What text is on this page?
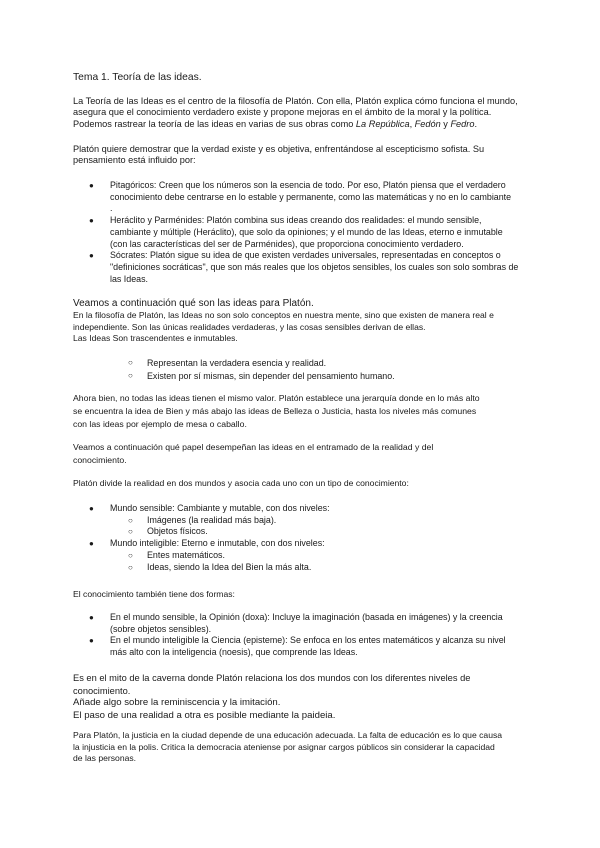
Tema 1. Teoría de las ideas.

La Teoría de las Ideas es el centro de la filosofía de Platón. Con ella, Platón explica cómo funciona el mundo,
asegura que el conocimiento verdadero existe y propone mejoras en el ámbito de la moral y la política.
Podemos rastrear la teoría de las ideas en varias de sus obras como La República, Fedón y Fedro.

Platón quiere demostrar que la verdad existe y es objetiva, enfrentándose al escepticismo sofista. Su
pensamiento está influido por:

● Pitagóricos: Creen que los números son la esencia de todo. Por eso, Platón piensa que el verdadero
conocimiento debe centrarse en lo estable y permanente, como las matemáticas y no en lo cambiante
.
● Heráclito y Parménides: Platón combina sus ideas creando dos realidades: el mundo sensible,
cambiante y múltiple (Heráclito), que solo da opiniones; y el mundo de las Ideas, eterno e inmutable
(con las características del ser de Parménides), que proporciona conocimiento verdadero.
● Sócrates: Platón sigue su idea de que existen verdades universales, representadas en conceptos o
"definiciones socráticas", que son más reales que los objetos sensibles, los cuales son solo sombras de
las Ideas.

Veamos a continuación qué son las ideas para Platón.
En la filosofía de Platón, las Ideas no son solo conceptos en nuestra mente, sino que existen de manera real e
independiente. Son las únicas realidades verdaderas, y las cosas sensibles derivan de ellas.
Las Ideas Son trascendentes e inmutables.

○ Representan la verdadera esencia y realidad.
○ Existen por sí mismas, sin depender del pensamiento humano.

Ahora bien, no todas las ideas tienen el mismo valor. Platón establece una jerarquía donde en lo más alto
se encuentra la idea de Bien y más abajo las ideas de Belleza o Justicia, hasta los niveles más comunes
con las ideas por ejemplo de mesa o caballo.

Veamos a continuación qué papel desempeñan las ideas en el entramado de la realidad y del
conocimiento.

Platón divide la realidad en dos mundos y asocia cada uno con un tipo de conocimiento:

● Mundo sensible: Cambiante y mutable, con dos niveles:
○ Imágenes (la realidad más baja).
○ Objetos físicos.
● Mundo inteligible: Eterno e inmutable, con dos niveles:
○ Entes matemáticos.
○ Ideas, siendo la Idea del Bien la más alta.

El conocimiento también tiene dos formas:

● En el mundo sensible, la Opinión (doxa): Incluye la imaginación (basada en imágenes) y la creencia
(sobre objetos sensibles).
● En el mundo inteligible la Ciencia (episteme): Se enfoca en los entes matemáticos y alcanza su nivel
más alto con la inteligencia (noesis), que comprende las Ideas.

Es en el mito de la caverna donde Platón relaciona los dos mundos con los diferentes niveles de
conocimiento.
Añade algo sobre la reminiscencia y la imitación.
El paso de una realidad a otra es posible mediante la paideia.

Para Platón, la justicia en la ciudad depende de una educación adecuada. La falta de educación es lo que causa
la injusticia en la polis. Critica la democracia ateniense por asignar cargos públicos sin considerar la capacidad
de las personas.
